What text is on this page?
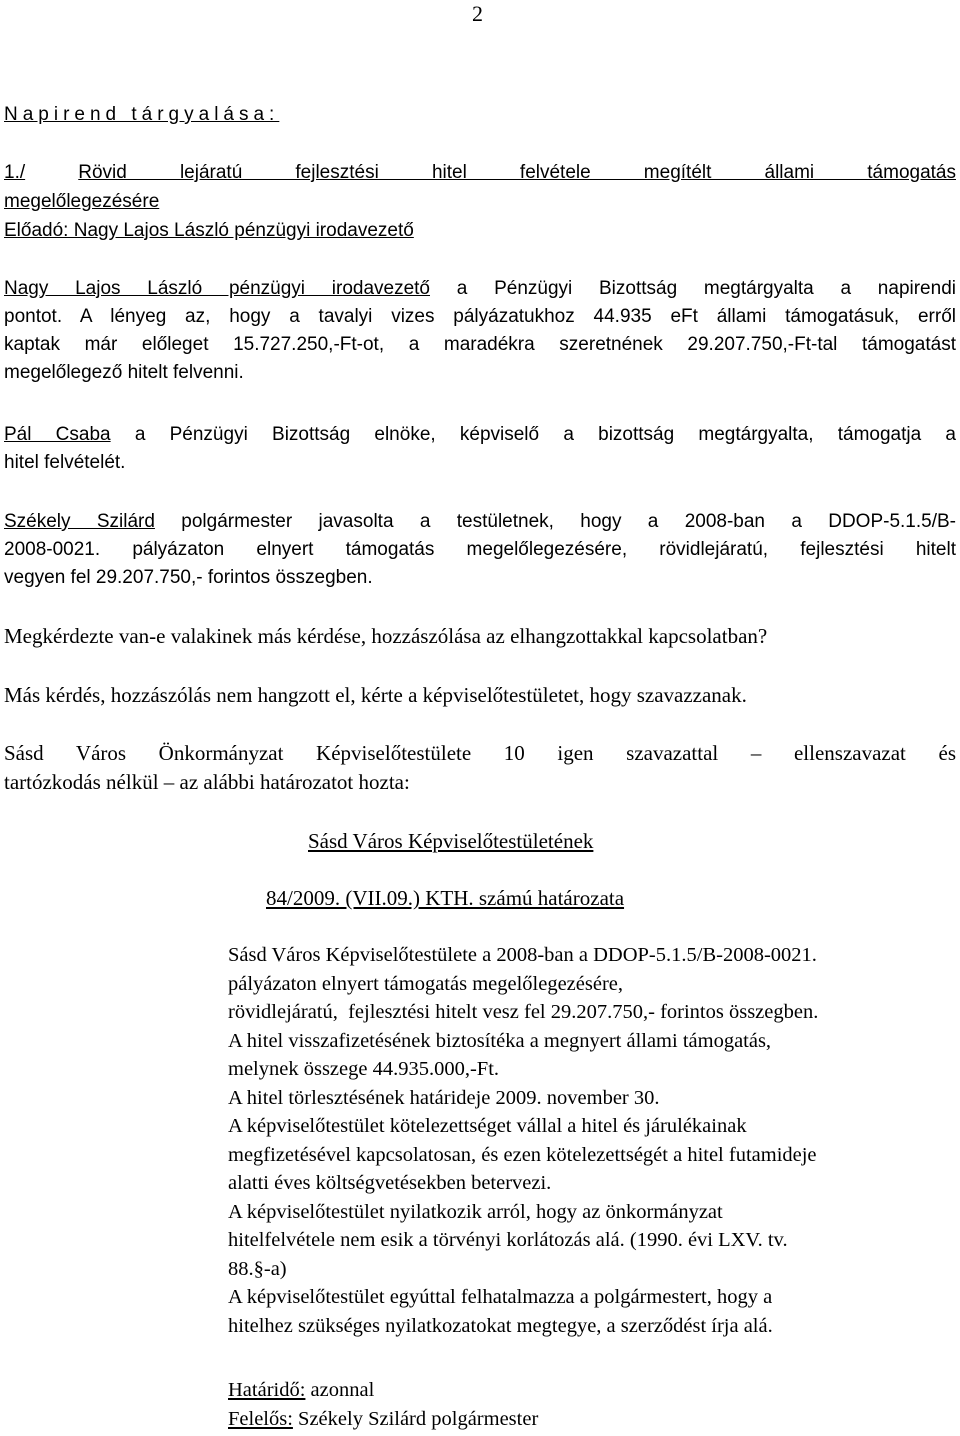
2
Napirend tárgyalása:
1./	Rövid lejáratú fejlesztési hitel felvétele megítélt állami támogatás
megelőlegezésére
Előadó: Nagy Lajos László pénzügyi irodavezető
Nagy Lajos László pénzügyi irodavezető a Pénzügyi Bizottság megtárgyalta a napirendi
pontot. A lényeg az, hogy a tavalyi vizes pályázatukhoz 44.935 eFt állami támogatásuk, erről
kaptak már előleget 15.727.250,-Ft-ot, a maradékra szeretnének 29.207.750,-Ft-tal támogatást
megelőlegező hitelt felvenni.
Pál Csaba a Pénzügyi Bizottság elnöke, képviselő a bizottság megtárgyalta, támogatja a
hitel felvételét.
Székely Szilárd polgármester javasolta a testületnek, hogy a 2008-ban a DDOP-5.1.5/B-
2008-0021. pályázaton elnyert támogatás megelőlegezésére, rövidlejáratú, fejlesztési hitelt
vegyen fel 29.207.750,- forintos összegben.
Megkérdezte van-e valakinek más kérdése, hozzászólása az elhangzottakkal kapcsolatban?
Más kérdés, hozzászólás nem hangzott el, kérte a képviselőtestületet, hogy szavazzanak.
Sásd Város Önkormányzat Képviselőtestülete 10 igen szavazattal – ellenszavazat és
tartózkodás nélkül – az alábbi határozatot hozta:
Sásd Város Képviselőtestületének
84/2009. (VII.09.) KTH. számú határozata
Sásd Város Képviselőtestülete a 2008-ban a DDOP-5.1.5/B-2008-0021.
pályázaton elnyert támogatás megelőlegezésére,
rövidlejáratú,  fejlesztési hitelt vesz fel 29.207.750,- forintos összegben.
A hitel visszafizetésének biztosítéka a megnyert állami támogatás,
melynek összege 44.935.000,-Ft.
A hitel törlesztésének határideje 2009. november 30.
A képviselőtestület kötelezettséget vállal a hitel és járulékainak
megfizetésével kapcsolatosan, és ezen kötelezettségét a hitel futamideje
alatti éves költségvetésekben betervezi.
A képviselőtestület nyilatkozik arról, hogy az önkormányzat
hitelfelvétele nem esik a törvényi korlátozás alá. (1990. évi LXV. tv.
88.§-a)
A képviselőtestület egyúttal felhatalmazza a polgármestert, hogy a
hitelhez szükséges nyilatkozatokat megtegye, a szerződést írja alá.
Határidő: azonnal
Felelős: Székely Szilárd polgármester
